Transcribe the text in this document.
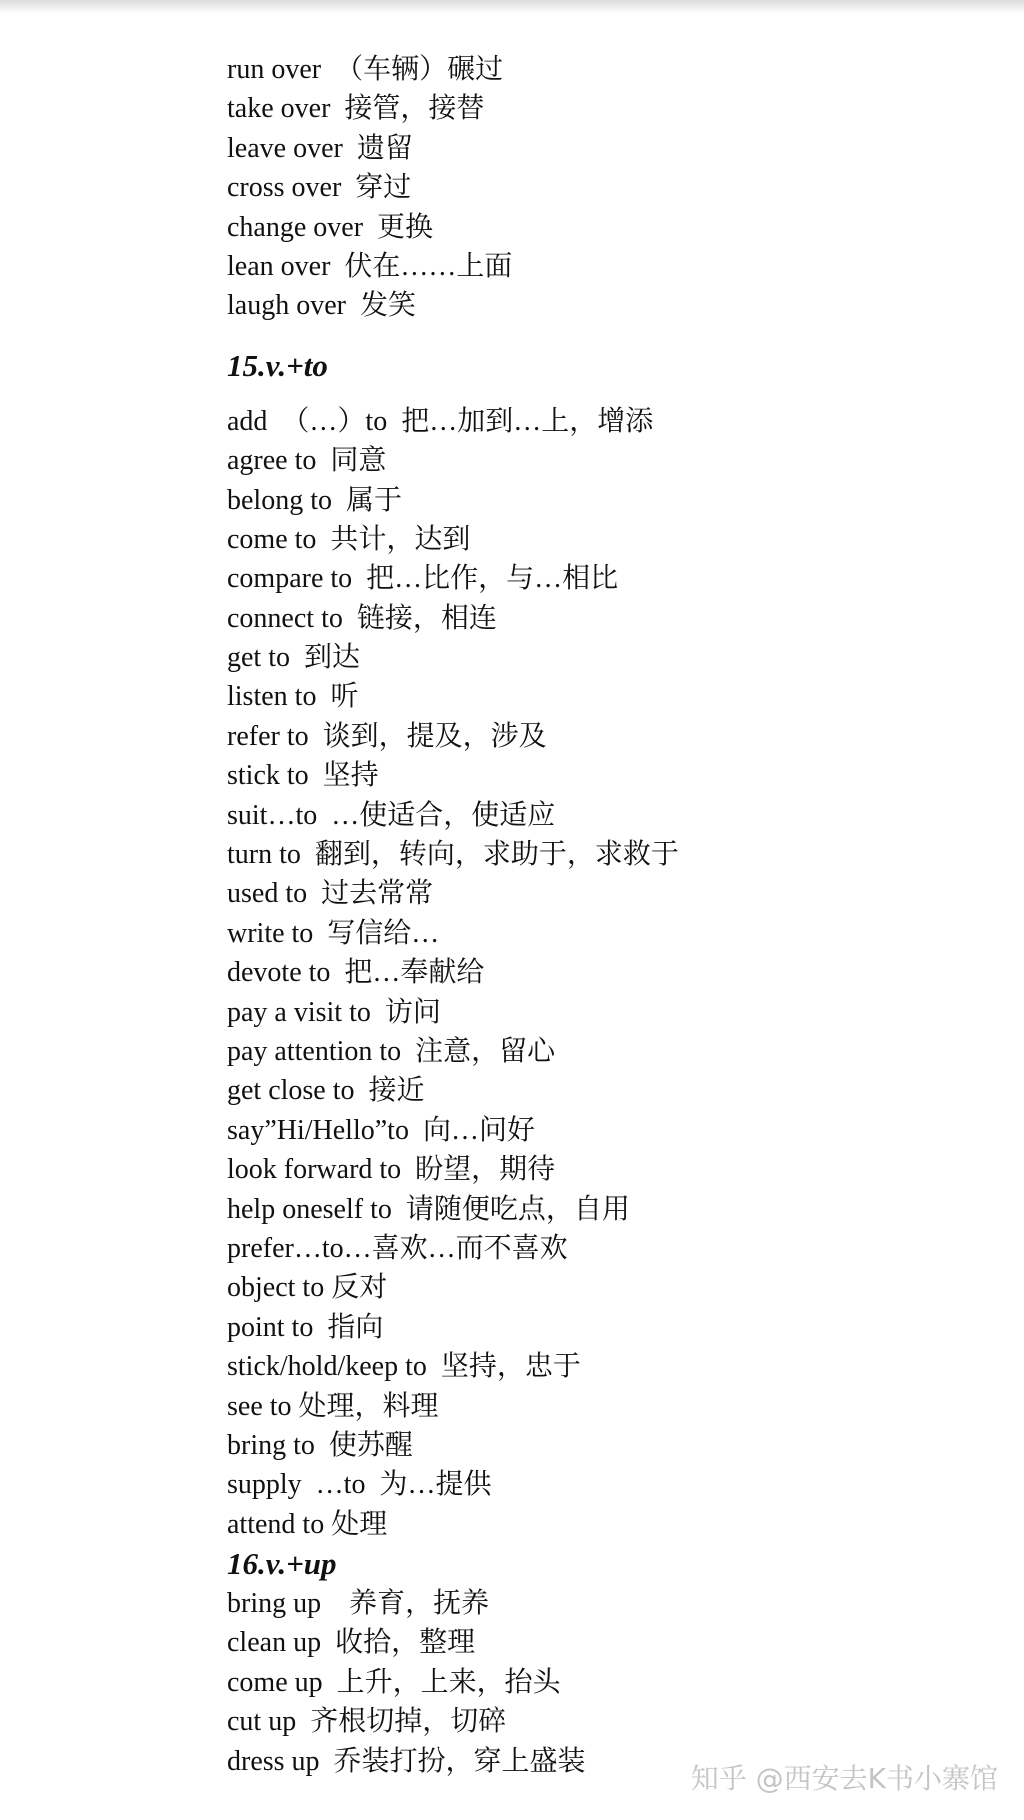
run over  （车辆）碾过
take over  接管，接替
leave over  遗留
cross over  穿过
change over  更换
lean over  伏在……上面
laugh over  发笑
15.v.+to
add  （…）to  把…加到…上，增添
agree to  同意
belong to  属于
come to  共计，达到
compare to  把…比作，与…相比
connect to  链接，相连
get to  到达
listen to  听
refer to  谈到，提及，涉及
stick to  坚持
suit…to  …使适合，使适应
turn to  翻到，转向，求助于，求救于
used to  过去常常
write to  写信给…
devote to  把…奉献给
pay a visit to  访问
pay attention to  注意，留心
get close to  接近
say”Hi/Hello”to  向…问好
look forward to  盼望，期待
help oneself to  请随便吃点，自用
prefer…to…喜欢…而不喜欢
object to 反对
point to  指向
stick/hold/keep to  坚持，忠于
see to 处理，料理
bring to  使苏醒
supply  …to  为…提供
attend to 处理
16.v.+up
bring up    养育，抚养
clean up  收拾，整理
come up  上升，上来，抬头
cut up  齐根切掉，切碎
dress up  乔装打扮，穿上盛装
知乎 @西安去K书小寨馆
